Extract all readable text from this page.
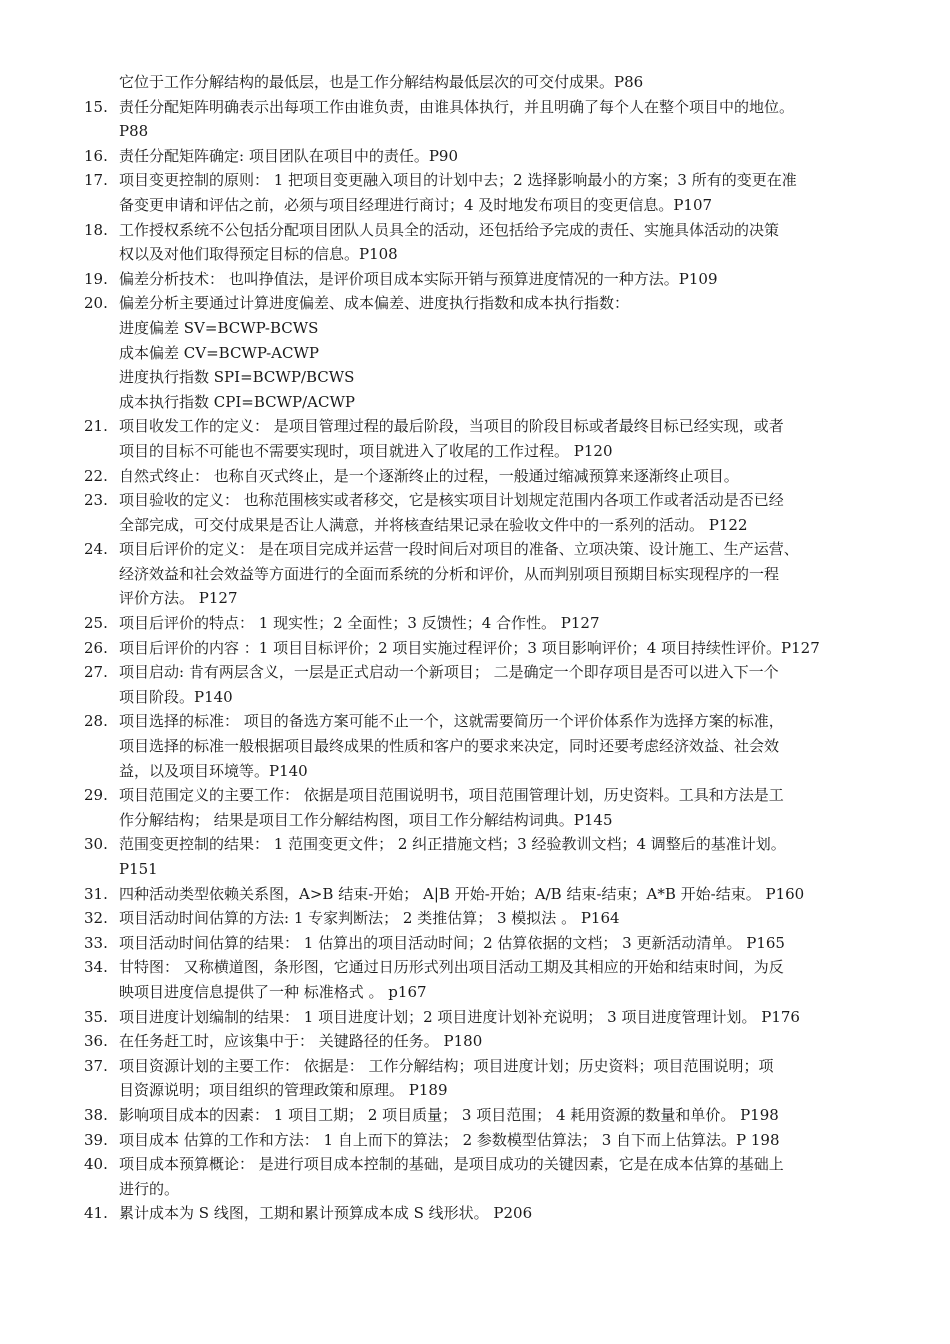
它位于工作分解结构的最低层，也是工作分解结构最低层次的可交付成果。P86
15. 责任分配矩阵明确表示出每项工作由谁负责，由谁具体执行，并且明确了每个人在整个项目中的地位。
P88
16. 责任分配矩阵确定: 项目团队在项目中的责任。P90
17. 项目变更控制的原则： 1 把项目变更融入项目的计划中去；2 选择影响最小的方案；3 所有的变更在准
备变更申请和评估之前，必须与项目经理进行商讨；4 及时地发布项目的变更信息。P107
18. 工作授权系统不公包括分配项目团队人员具全的活动，还包括给予完成的责任、实施具体活动的决策
权以及对他们取得预定目标的信息。P108
19. 偏差分析技术： 也叫挣值法，是评价项目成本实际开销与预算进度情况的一种方法。P109
20. 偏差分析主要通过计算进度偏差、成本偏差、进度执行指数和成本执行指数：
进度偏差 SV=BCWP-BCWS
成本偏差 CV=BCWP-ACWP
进度执行指数 SPI=BCWP/BCWS
成本执行指数 CPI=BCWP/ACWP
21. 项目收发工作的定义： 是项目管理过程的最后阶段，当项目的阶段目标或者最终目标已经实现，或者
项目的目标不可能也不需要实现时，项目就进入了收尾的工作过程。 P120
22. 自然式终止： 也称自灭式终止，是一个逐渐终止的过程，一般通过缩减预算来逐渐终止项目。
23. 项目验收的定义： 也称范围核实或者移交，它是核实项目计划规定范围内各项工作或者活动是否已经
全部完成，可交付成果是否让人满意，并将核查结果记录在验收文件中的一系列的活动。 P122
24. 项目后评价的定义： 是在项目完成并运营一段时间后对项目的准备、立项决策、设计施工、生产运营、
经济效益和社会效益等方面进行的全面而系统的分析和评价，从而判别项目预期目标实现程序的一程
评价方法。 P127
25. 项目后评价的特点： 1 现实性；2 全面性；3 反馈性；4 合作性。 P127
26. 项目后评价的内容 ：1 项目目标评价；2 项目实施过程评价；3 项目影响评价；4 项目持续性评价。P127
27. 项目启动: 肯有两层含义，一层是正式启动一个新项目； 二是确定一个即存项目是否可以进入下一个
项目阶段。P140
28. 项目选择的标准： 项目的备选方案可能不止一个，这就需要简历一个评价体系作为选择方案的标准，
项目选择的标准一般根据项目最终成果的性质和客户的要求来决定，同时还要考虑经济效益、社会效
益，以及项目环境等。P140
29. 项目范围定义的主要工作： 依据是项目范围说明书，项目范围管理计划，历史资料。工具和方法是工
作分解结构； 结果是项目工作分解结构图，项目工作分解结构词典。P145
30. 范围变更控制的结果： 1 范围变更文件； 2 纠正措施文档；3 经验教训文档；4 调整后的基准计划。
P151
31. 四种活动类型依赖关系图，A>B 结束-开始； A|B 开始-开始；A/B 结束-结束；A*B 开始-结束。 P160
32. 项目活动时间估算的方法: 1 专家判断法； 2 类推估算； 3 模拟法 。 P164
33. 项目活动时间估算的结果： 1 估算出的项目活动时间；2 估算依据的文档； 3 更新活动清单。 P165
34. 甘特图： 又称横道图，条形图，它通过日历形式列出项目活动工期及其相应的开始和结束时间，为反
映项目进度信息提供了一种 标准格式 。 p167
35. 项目进度计划编制的结果： 1 项目进度计划；2 项目进度计划补充说明； 3 项目进度管理计划。 P176
36. 在任务赶工时，应该集中于： 关键路径的任务。 P180
37. 项目资源计划的主要工作： 依据是： 工作分解结构；项目进度计划；历史资料；项目范围说明；项
目资源说明；项目组织的管理政策和原理。 P189
38. 影响项目成本的因素： 1 项目工期； 2 项目质量； 3 项目范围； 4 耗用资源的数量和单价。 P198
39. 项目成本 估算的工作和方法： 1 自上而下的算法； 2 参数模型估算法； 3 自下而上估算法。P 198
40. 项目成本预算概论： 是进行项目成本控制的基础，是项目成功的关键因素，它是在成本估算的基础上
进行的。
41. 累计成本为 S 线图，工期和累计预算成本成 S 线形状。 P206
